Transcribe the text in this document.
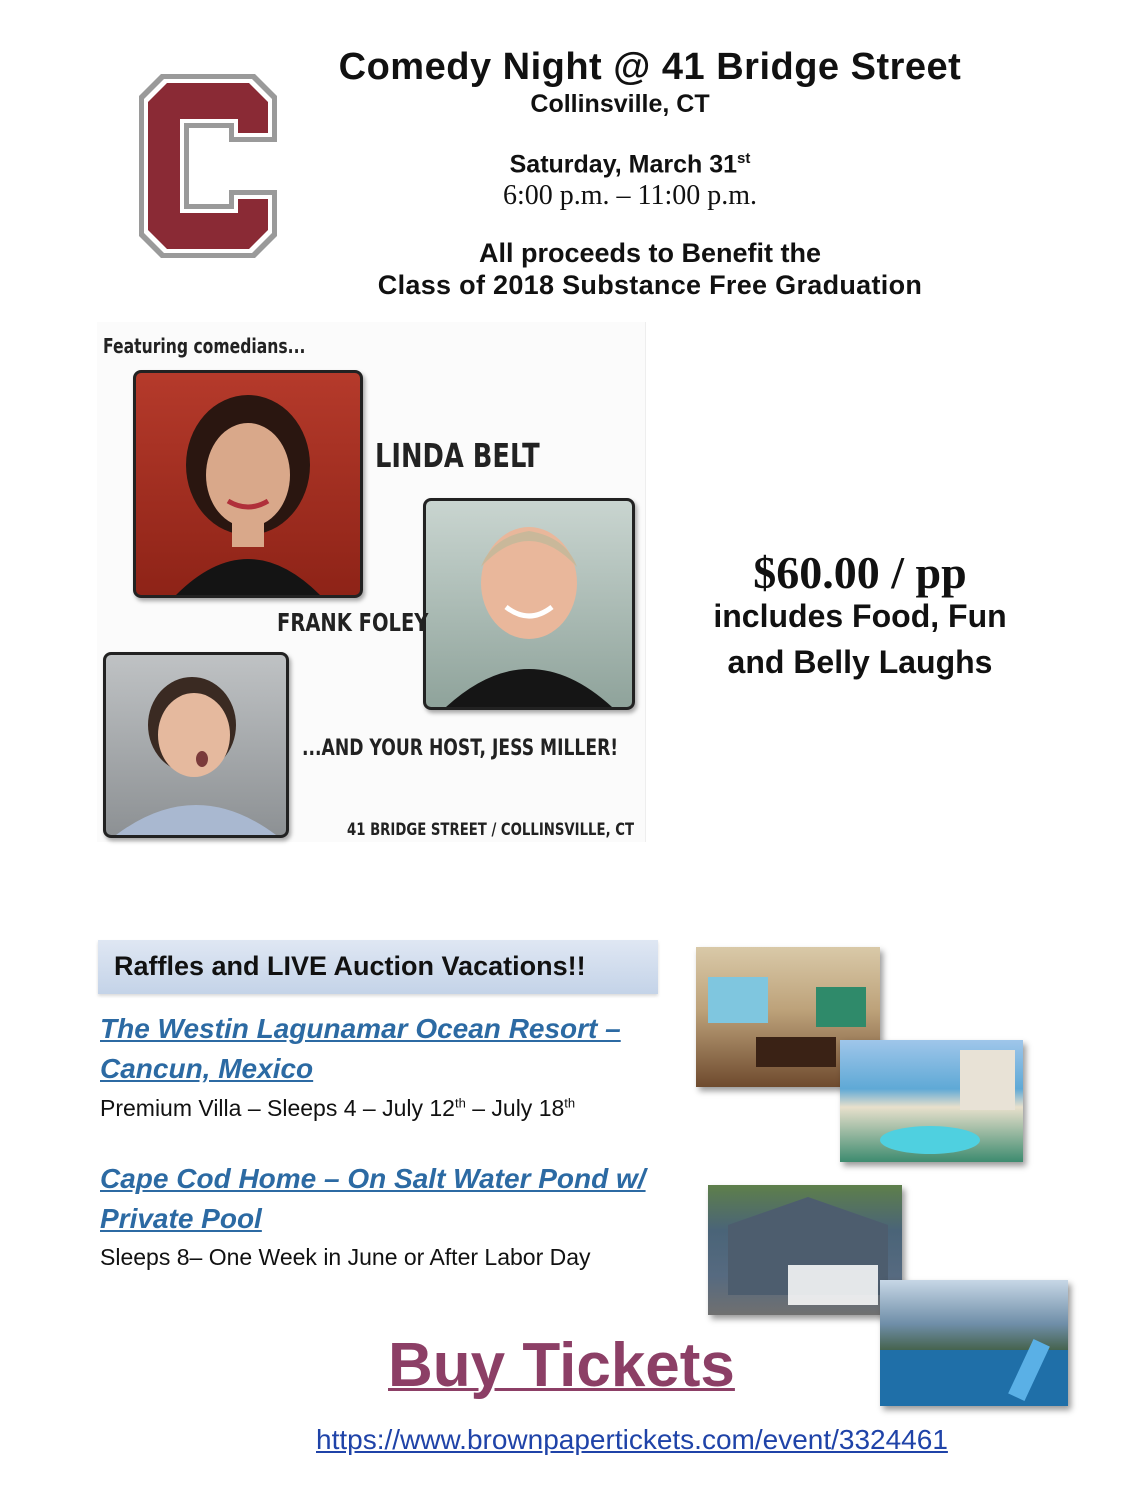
Comedy Night @ 41 Bridge Street
Collinsville, CT
Saturday, March 31st
6:00 p.m. – 11:00 p.m.
All proceeds to Benefit the
Class of 2018 Substance Free Graduation
Featuring comedians...
LINDA BELT
FRANK FOLEY
...AND YOUR HOST, JESS MILLER!
41 BRIDGE STREET / COLLINSVILLE, CT
$60.00 / pp
includes Food, Fun
and Belly Laughs
Raffles and LIVE Auction Vacations!!
The Westin Lagunamar Ocean Resort –
Cancun, Mexico
Premium Villa – Sleeps 4 – July 12th – July 18th
Cape Cod Home – On Salt Water Pond w/
Private Pool
Sleeps 8– One Week in June or After Labor Day
Buy Tickets
https://www.brownpapertickets.com/event/3324461
